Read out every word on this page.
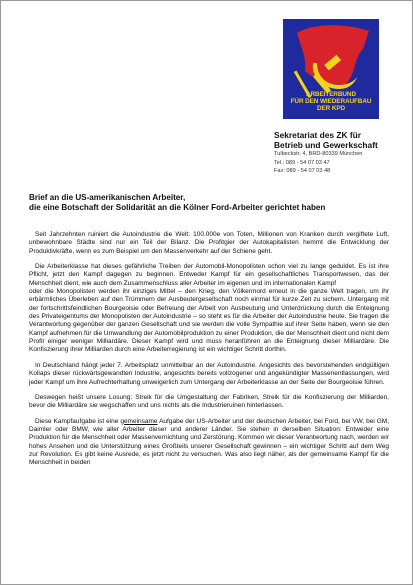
ARBEITERBUND
FÜR DEN WIEDERAUFBAU
DER KPD
Sekretariat des ZK für
Betrieb und Gewerkschaft
Tulbeckstr. 4, BRD-80339 München
Tel.: 089 - 54 07 03 47
Fax: 089 - 54 07 03 48
Brief an die US-amerikanischen Arbeiter,
die eine Botschaft der Solidarität an die Kölner Ford-Arbeiter gerichtet haben

Seit Jahrzehnten ruiniert die Autoindustrie die Welt: 100.000e von Toten, Millionen von Kranken durch vergiftete Luft, unbewohnbare Städte sind nur ein Teil der Bilanz. Die Profitgier der Autokapitalisten hemmt die Entwicklung der Produktivkräfte, wenn es zum Beispiel um den Massenverkehr auf der Schiene geht.

Die Arbeiterklasse hat dieses gefährliche Treiben der Automobil-Monopolisten schon viel zu lange geduldet. Es ist ihre Pflicht, jetzt den Kampf dagegen zu beginnen. Entweder Kampf für ein gesellschaftliches Transportwesen, das der Menschheit dient, wie auch dem Zusammenschluss aller Arbeiter im eigenen und im internationalen Kampf

oder die Monopolisten werden ihr einziges Mittel – den Krieg, den Völkermord erneut in die ganze Welt tragen, um ihr erbärmliches Überleben auf den Trümmern der Ausbeutergesellschaft noch einmal für kurze Zeit zu sichern. Untergang mit der fortschrittsfeindlichen Bourgeoisie oder Befreiung der Arbeit von Ausbeutung und Unterdrückung durch die Enteignung des Privateigentums der Monopolisten der Autoindustrie – so steht es für die Arbeiter der Autoindustrie heute. Sie tragen die Verantwortung gegenüber der ganzen Gesellschaft und sie werden die volle Sympathie auf ihrer Seite haben, wenn sie den Kampf aufnehmen für die Umwandlung der Automobilproduktion zu einer Produktion, die der Menschheit dient und nicht dem Profit einiger weniger Milliardäre. Dieser Kampf wird und muss heranführen an die Enteignung dieser Milliardäre. Die Konfiszierung ihrer Milliarden durch eine Arbeiterregierung ist ein wichtiger Schritt dorthin.

In Deutschland hängt jeder 7. Arbeitsplatz unmittelbar an der Autoindustrie. Angesichts des bevorstehenden endgültigen Kollaps dieser rückwärtsgewandten Industrie, angesichts bereits vollzogener und angekündigter Massenentlassungen, wird jeder Kampf um ihre Aufrechterhaltung unweigerlich zum Untergang der Arbeiterklasse an der Seite der Bourgeoisie führen.

Deswegen heißt unsere Losung: Streik für die Umgestaltung der Fabriken, Streik für die Konfiszierung der Milliarden, bevor die Milliardäre sie wegschaffen und uns nichts als die Industrieruinen hinterlassen.

Diese Kampfaufgabe ist eine gemeinsame Aufgabe der US-Arbeiter und der deutschen Arbeiter, bei Ford, bei VW, bei GM, Daimler oder BMW, wie aller Arbeiter dieser und anderer Länder. Sie stehen in derselben Situation: Entweder eine Produktion für die Menschheit oder Massenvernichtung und Zerstörung. Kommen wir dieser Verantwortung nach, werden wir hohes Ansehen und die Unterstützung eines Großteils unserer Gesellschaft gewinnen – ein wichtiger Schritt auf dem Weg zur Revolution. Es gibt keine Ausrede, es jetzt nicht zu versuchen. Was also liegt näher, als der gemeinsame Kampf für die Menschheit in beiden
